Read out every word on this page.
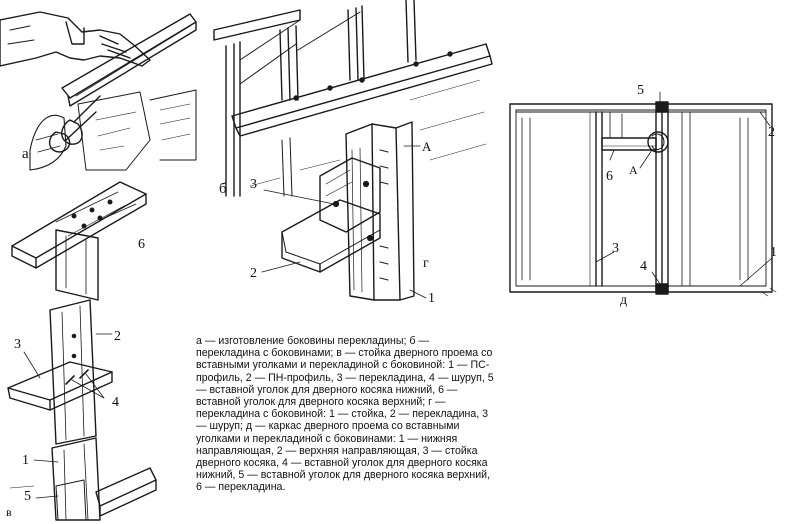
а
б
в
г
д
3
А
2
1
6
2
3
4
1
5
5
2
6 А
3
4
1
а — изготовление боковины перекладины; б — перекладина с боковинами; в — стойка дверного проема со вставными уголками и перекладиной с боковиной: 1 — ПС-профиль, 2 — ПН-профиль, 3 — перекладина, 4 — шуруп, 5 — вставной уголок для дверного косяка нижний, 6 — вставной уголок для дверного косяка верхний; г — перекладина с боковиной: 1 — стойка, 2 — перекладина, 3 — шуруп; д — каркас дверного проема со вставными уголками и перекладиной с боковинами: 1 — нижняя направляющая, 2 — верхняя направляющая, 3 — стойка дверного косяка, 4 — вставной уголок для дверного косяка нижний, 5 — вставной уголок для дверного косяка верхний, 6 — перекладина.
